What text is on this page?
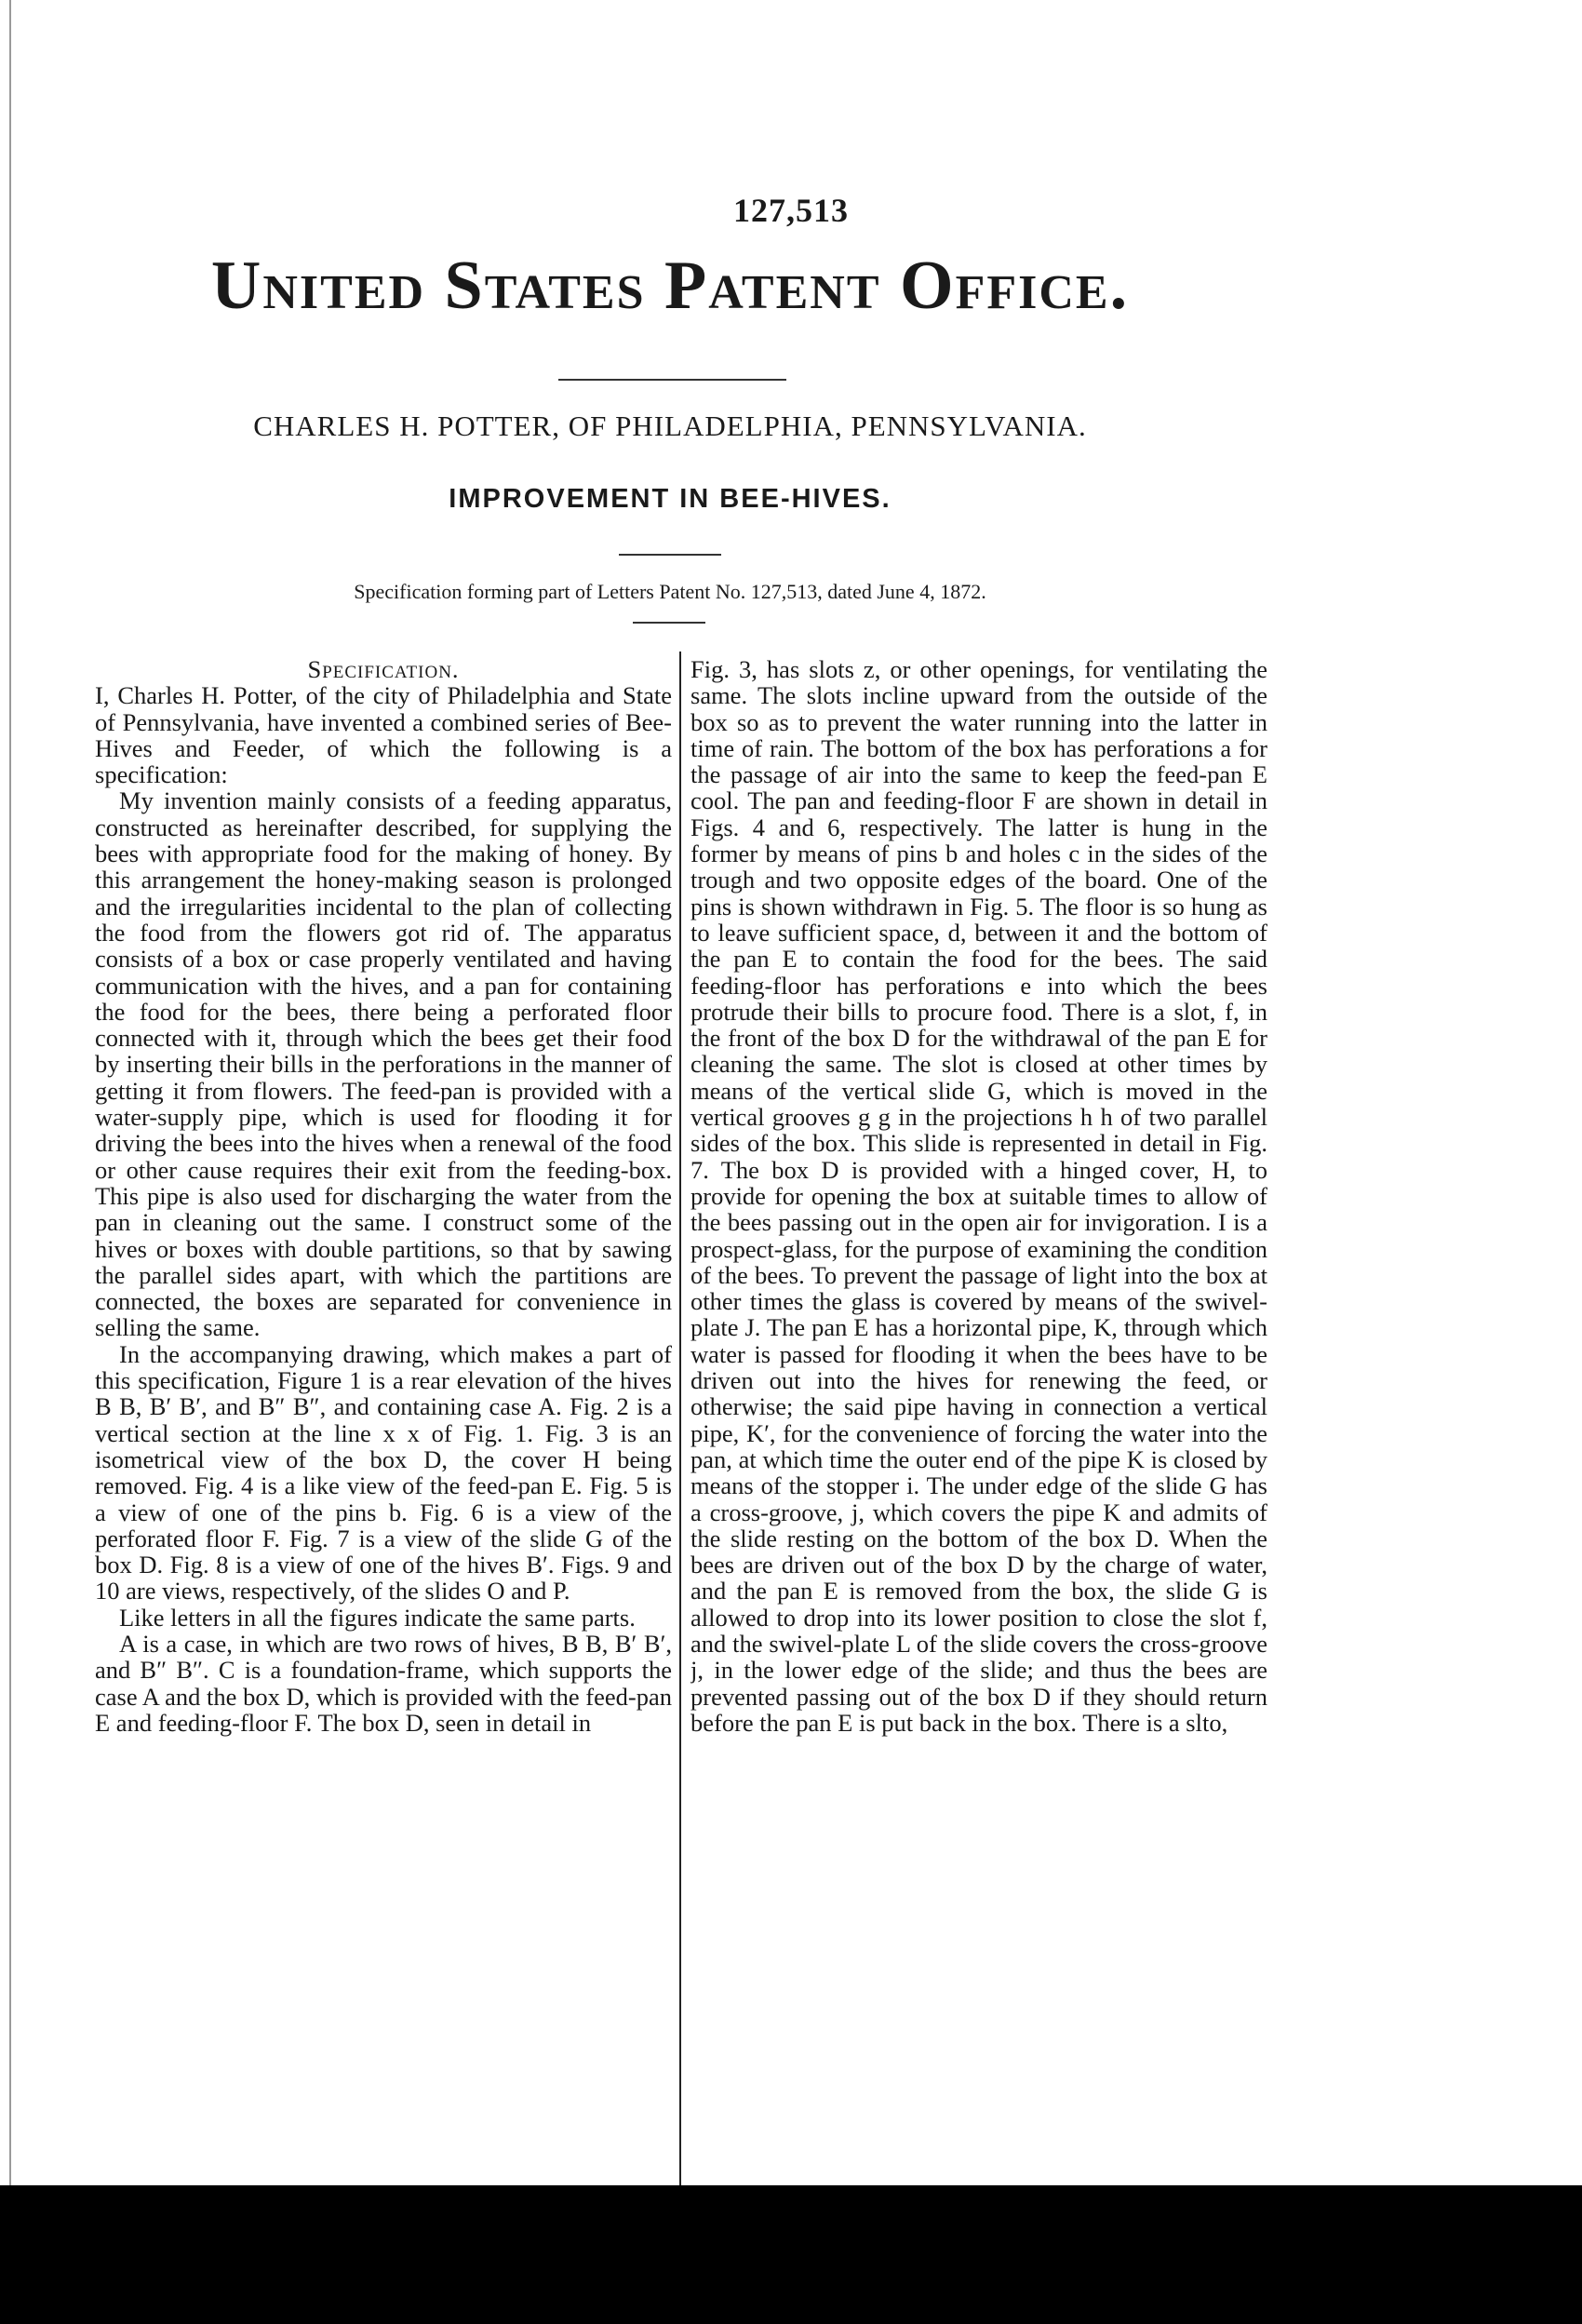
127,513
United States Patent Office.
CHARLES H. POTTER, OF PHILADELPHIA, PENNSYLVANIA.
IMPROVEMENT IN BEE-HIVES.
Specification forming part of Letters Patent No. 127,513, dated June 4, 1872.

Specification.

I, Charles H. Potter, of the city of Philadelphia and State of Pennsylvania, have invented a combined series of Bee-Hives and Feeder, of which the following is a specification:

My invention mainly consists of a feeding apparatus, constructed as hereinafter described, for supplying the bees with appropriate food for the making of honey. By this arrangement the honey-making season is prolonged and the irregularities incidental to the plan of collecting the food from the flowers got rid of. The apparatus consists of a box or case properly ventilated and having communication with the hives, and a pan for containing the food for the bees, there being a perforated floor connected with it, through which the bees get their food by inserting their bills in the perforations in the manner of getting it from flowers. The feed-pan is provided with a water-supply pipe, which is used for flooding it for driving the bees into the hives when a renewal of the food or other cause requires their exit from the feeding-box. This pipe is also used for discharging the water from the pan in cleaning out the same. I construct some of the hives or boxes with double partitions, so that by sawing the parallel sides apart, with which the partitions are connected, the boxes are separated for convenience in selling the same.

In the accompanying drawing, which makes a part of this specification, Figure 1 is a rear elevation of the hives B B, B′ B′, and B″ B″, and containing case A. Fig. 2 is a vertical section at the line x x of Fig. 1. Fig. 3 is an isometrical view of the box D, the cover H being removed. Fig. 4 is a like view of the feed-pan E. Fig. 5 is a view of one of the pins b. Fig. 6 is a view of the perforated floor F. Fig. 7 is a view of the slide G of the box D. Fig. 8 is a view of one of the hives B′. Figs. 9 and 10 are views, respectively, of the slides O and P.

Like letters in all the figures indicate the same parts.

A is a case, in which are two rows of hives, B B, B′ B′, and B″ B″. C is a foundation-frame, which supports the case A and the box D, which is provided with the feed-pan E and feeding-floor F. The box D, seen in detail in

Fig. 3, has slots z, or other openings, for ventilating the same. The slots incline upward from the outside of the box so as to prevent the water running into the latter in time of rain. The bottom of the box has perforations a for the passage of air into the same to keep the feed-pan E cool. The pan and feeding-floor F are shown in detail in Figs. 4 and 6, respectively. The latter is hung in the former by means of pins b and holes c in the sides of the trough and two opposite edges of the board. One of the pins is shown withdrawn in Fig. 5. The floor is so hung as to leave sufficient space, d, between it and the bottom of the pan E to contain the food for the bees. The said feeding-floor has perforations e into which the bees protrude their bills to procure food. There is a slot, f, in the front of the box D for the withdrawal of the pan E for cleaning the same. The slot is closed at other times by means of the vertical slide G, which is moved in the vertical grooves g g in the projections h h of two parallel sides of the box. This slide is represented in detail in Fig. 7. The box D is provided with a hinged cover, H, to provide for opening the box at suitable times to allow of the bees passing out in the open air for invigoration. I is a prospect-glass, for the purpose of examining the condition of the bees. To prevent the passage of light into the box at other times the glass is covered by means of the swivel-plate J. The pan E has a horizontal pipe, K, through which water is passed for flooding it when the bees have to be driven out into the hives for renewing the feed, or otherwise; the said pipe having in connection a vertical pipe, K′, for the convenience of forcing the water into the pan, at which time the outer end of the pipe K is closed by means of the stopper i. The under edge of the slide G has a cross-groove, j, which covers the pipe K and admits of the slide resting on the bottom of the box D. When the bees are driven out of the box D by the charge of water, and the pan E is removed from the box, the slide G is allowed to drop into its lower position to close the slot f, and the swivel-plate L of the slide covers the cross-groove j, in the lower edge of the slide; and thus the bees are prevented passing out of the box D if they should return before the pan E is put back in the box. There is a slto,
